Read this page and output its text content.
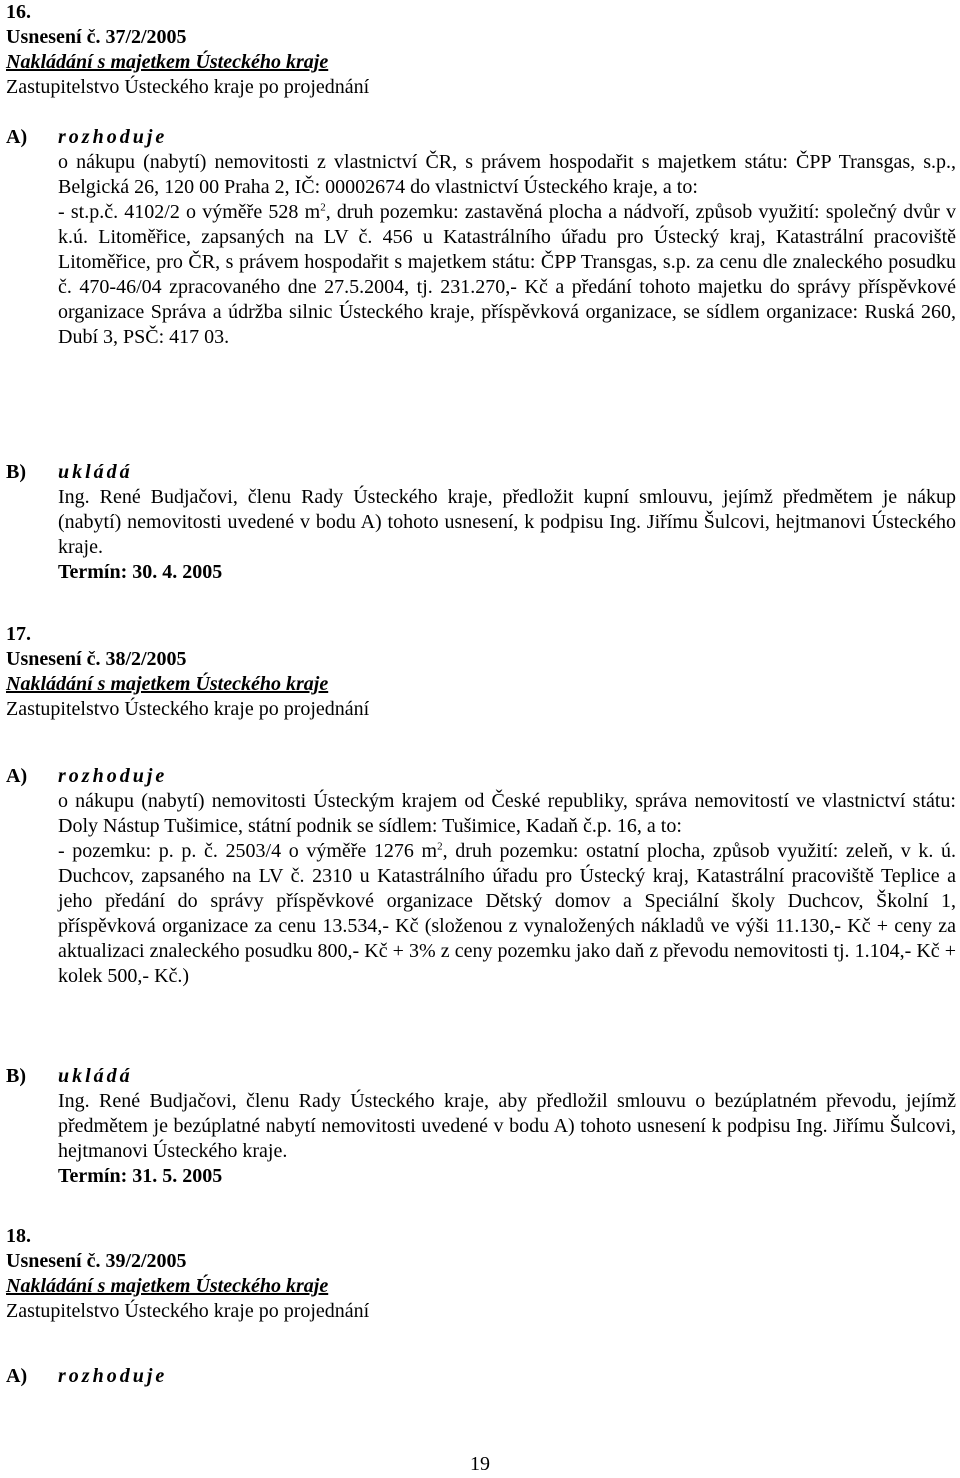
16.
Usnesení č. 37/2/2005
Nakládání s majetkem Ústeckého kraje
Zastupitelstvo Ústeckého kraje po projednání
A) rozhoduje
o nákupu (nabytí) nemovitosti z vlastnictví ČR, s právem hospodařit s majetkem státu: ČPP Transgas, s.p., Belgická 26, 120 00 Praha 2, IČ: 00002674 do vlastnictví Ústeckého kraje, a to:
- st.p.č. 4102/2 o výměře 528 $m^2$, druh pozemku: zastavěná plocha a nádvoří, způsob využití: společný dvůr v k.ú. Litoměřice, zapsaných na LV č. 456 u Katastrálního úřadu pro Ústecký kraj, Katastrální pracoviště Litoměřice, pro ČR, s právem hospodařit s majetkem státu: ČPP Transgas, s.p. za cenu dle znaleckého posudku č. 470-46/04 zpracovaného dne 27.5.2004, tj. 231.270,- Kč a předání tohoto majetku do správy příspěvkové organizace Správa a údržba silnic Ústeckého kraje, příspěvková organizace, se sídlem organizace: Ruská 260, Dubí 3, PSČ: 417 03.
B) ukládá
Ing. René Budjačovi, členu Rady Ústeckého kraje, předložit kupní smlouvu, jejímž předmětem je nákup (nabytí) nemovitosti uvedené v bodu A) tohoto usnesení, k podpisu Ing. Jiřímu Šulcovi, hejtmanovi Ústeckého kraje.
Termín: 30. 4. 2005
17.
Usnesení č. 38/2/2005
Nakládání s majetkem Ústeckého kraje
Zastupitelstvo Ústeckého kraje po projednání
A) rozhoduje
o nákupu (nabytí) nemovitosti Ústeckým krajem od České republiky, správa nemovitostí ve vlastnictví státu: Doly Nástup Tušimice, státní podnik se sídlem: Tušimice, Kadaň č.p. 16, a to:
- pozemku: p. p. č. 2503/4 o výměře 1276 $m^2$, druh pozemku: ostatní plocha, způsob využití: zeleň, v k. ú. Duchcov, zapsaného na LV č. 2310 u Katastrálního úřadu pro Ústecký kraj, Katastrální pracoviště Teplice a jeho předání do správy příspěvkové organizace Dětský domov a Speciální školy Duchcov, Školní 1, příspěvková organizace za cenu 13.534,- Kč (složenou z vynaložených nákladů ve výši 11.130,- Kč + ceny za aktualizaci znaleckého posudku 800,- Kč + 3% z ceny pozemku jako daň z převodu nemovitosti tj. 1.104,- Kč + kolek 500,- Kč.)
B) ukládá
Ing. René Budjačovi, členu Rady Ústeckého kraje, aby předložil smlouvu o bezúplatném převodu, jejímž předmětem je bezúplatné nabytí nemovitosti uvedené v bodu A) tohoto usnesení k podpisu Ing. Jiřímu Šulcovi, hejtmanovi Ústeckého kraje.
Termín: 31. 5. 2005
18.
Usnesení č. 39/2/2005
Nakládání s majetkem Ústeckého kraje
Zastupitelstvo Ústeckého kraje po projednání
A) rozhoduje
19
